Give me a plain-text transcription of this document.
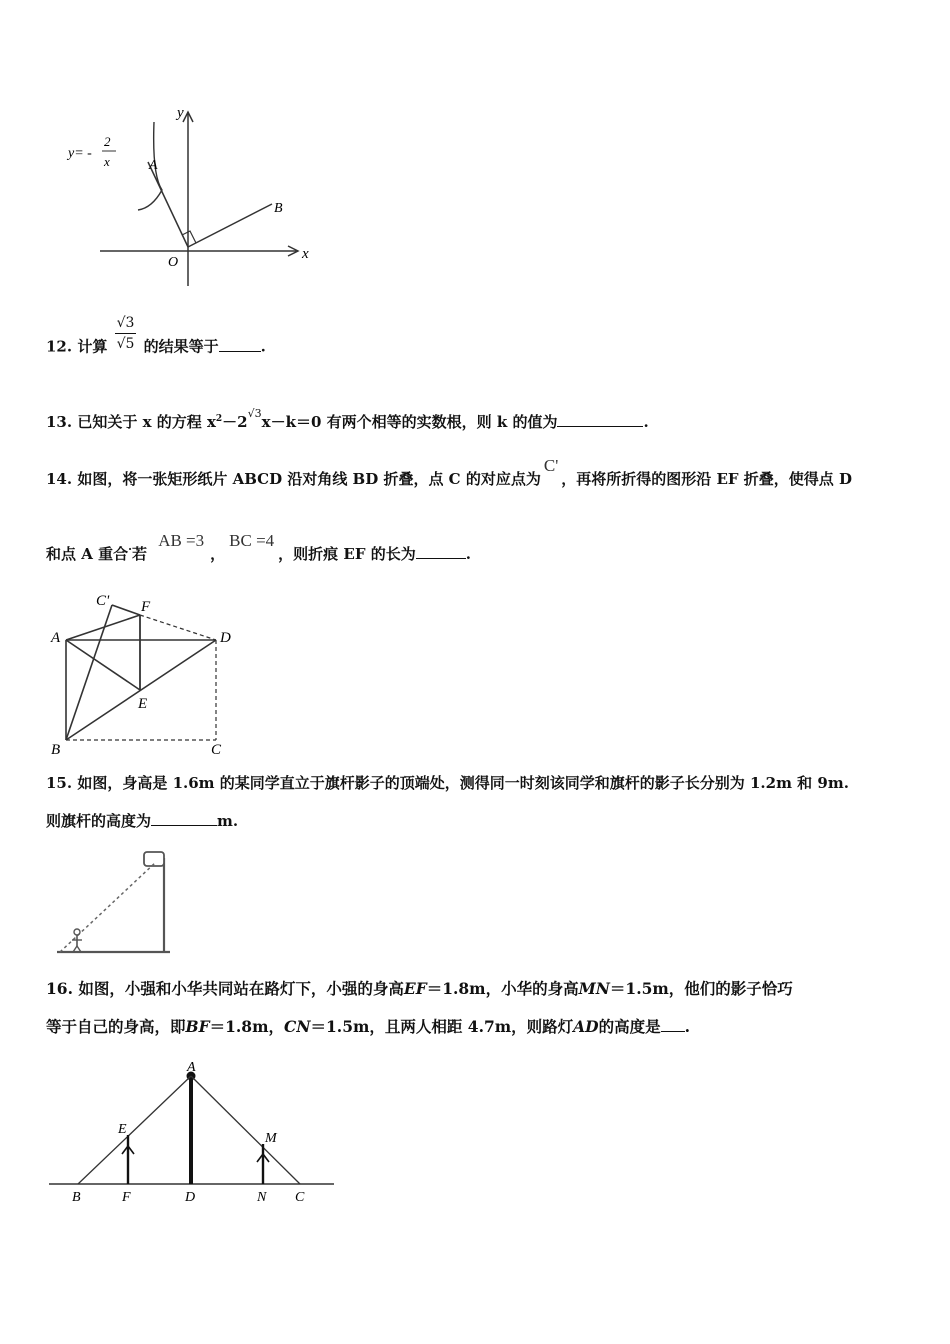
y= -
2
x
y
x
A
B
O
12. 计算 $\frac{√3}{√5}$ 的结果等于	.
13. 已知关于 x 的方程 $x^2-2^{√3}x-k=0$ 有两个相等的实数根，则 k 的值为	.
14. 如图，将一张矩形纸片 ABCD 沿对角线 BD 折叠，点 C 的对应点为C'，再将所折得的图形沿 EF 折叠，使得点 D
和点 A 重合·若 AB =3，BC =4，则折痕 EF 的长为	.
C' F
A	D
E
B	C
15. 如图，身高是 1.6m 的某同学直立于旗杆影子的顶端处，测得同一时刻该同学和旗杆的影子长分别为 1.2m 和 9m.
则旗杆的高度为	m.
16. 如图，小强和小华共同站在路灯下，小强的身高EF＝1.8m，小华的身高MN＝1.5m，他们的影子恰巧
等于自己的身高，即BF＝1.8m，CN＝1.5m，且两人相距 4.7m，则路灯AD的高度是 .
A
E
M
B	F	D	N C
